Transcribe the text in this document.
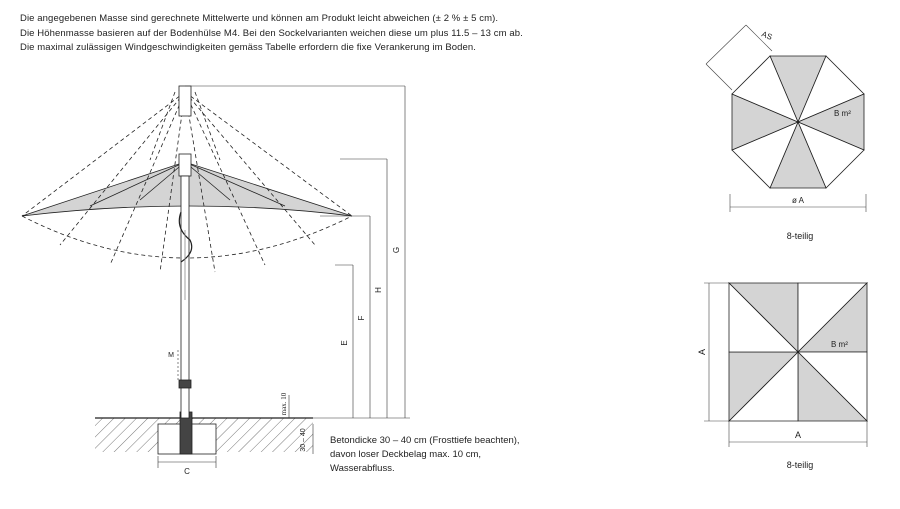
Die angegebenen Masse sind gerechnete Mittelwerte und können am Produkt leicht abweichen (± 2 % ± 5 cm).
Die Höhenmasse basieren auf der Bodenhülse M4. Bei den Sockelvarianten weichen diese um plus 11.5 – 13 cm ab.
Die maximal zulässigen Windgeschwindigkeiten gemäss Tabelle erfordern die fixe Verankerung im Boden.
G
H
F
E
M
max. 10
30 – 40
C
AS
B m²
ø A
8-teilig
A
B m²
A
8-teilig
Betondicke 30 – 40 cm (Frosttiefe beachten),
davon loser Deckbelag max. 10 cm,
Wasserabfluss.
